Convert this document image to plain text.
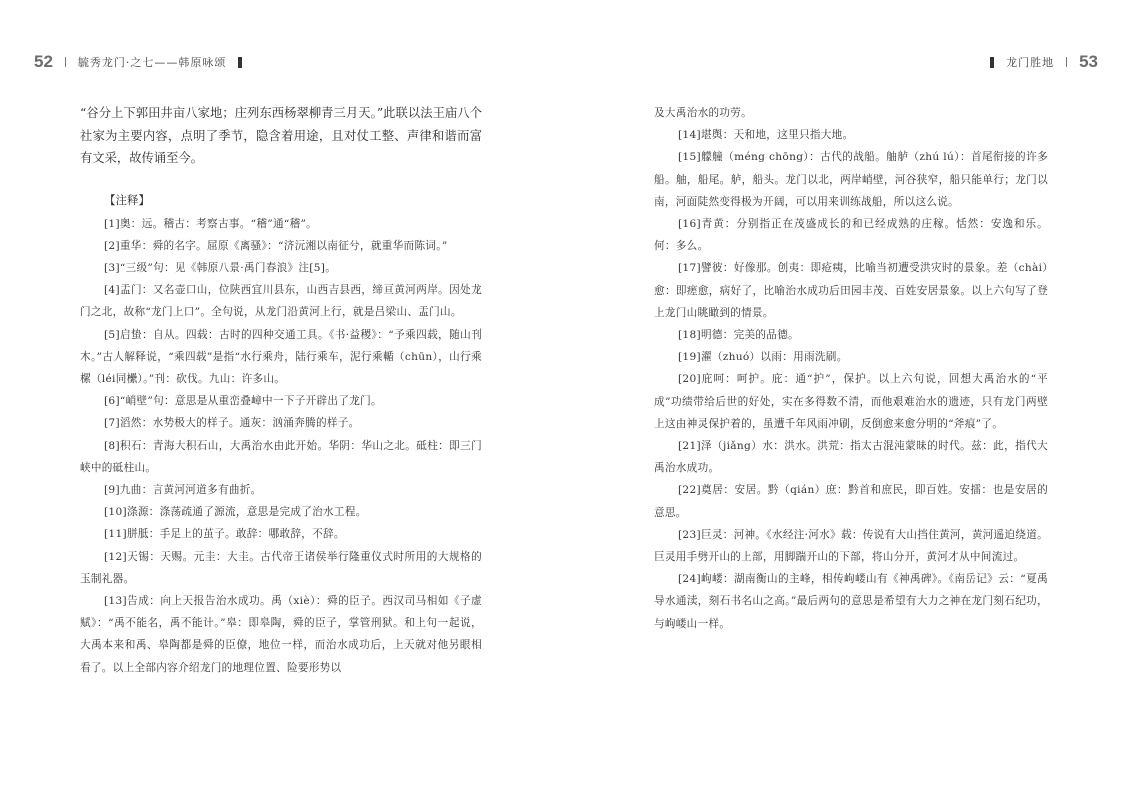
52 毓秀龙门·之七——韩原咏颂

“谷分上下郭田井亩八家地；庄列东西杨翠柳青三月天。”此联以法王庙八个社家为主要内容，点明了季节，隐含着用途，且对仗工整、声律和谐而富有文采，故传诵至今。

【注释】

[1]奥：远。稽古：考察古事。“稽”通“稽”。

[2]重华：舜的名字。屈原《离骚》：“济沅湘以南征兮，就重华而陈词。”

[3]“三级”句：见《韩原八景·禹门春浪》注[5]。

[4]盂门：又名壶口山，位陕西宜川县东，山西吉县西，缔亘黄河两岸。因处龙门之北，故称“龙门上口”。全句说，从龙门沿黄河上行，就是吕梁山、盂门山。

[5]启蛰：自从。四载：古时的四种交通工具。《书·益稷》：“予乘四载，随山刊木。”古人解释说，“乘四载”是指“水行乘舟，陆行乘车，泥行乘輴（chūn），山行乘樏（léi同欙）。”刊：砍伐。九山：许多山。

[6]“峭壁”句：意思是从重峦叠嶂中一下子开辟出了龙门。

[7]滔然：水势极大的样子。通灰：汹涌奔腾的样子。

[8]积石：青海大积石山，大禹治水由此开始。华阴：华山之北。砥柱：即三门峡中的砥柱山。

[9]九曲：言黄河河道多有曲折。

[10]涤源：涤荡疏通了源流，意思是完成了治水工程。

[11]胼胝：手足上的茧子。敢辞：哪敢辞，不辞。

[12]天锡：天赐。元圭：大圭。古代帝王诸侯举行隆重仪式时所用的大规格的玉制礼器。

[13]告成：向上天报告治水成功。禹（xiè）：舜的臣子。西汉司马相如《子虚赋》：“禹不能名，禹不能计。”皋：即皋陶，舜的臣子，掌管刑狱。和上句一起说，大禹本来和禹、皋陶都是舜的臣僚，地位一样，而治水成功后，上天就对他另眼相看了。以上全部内容介绍龙门的地理位置、险要形势以

龙门胜地 53

及大禹治水的功劳。

[14]堪舆：天和地，这里只指大地。

[15]艨艟（méng chōng）：古代的战船。舳舻（zhú lú）：首尾衔接的许多船。舳，船尾。舻，船头。龙门以北，两岸峭壁，河谷狭窄，船只能单行；龙门以南，河面陡然变得极为开阔，可以用来训练战船，所以这么说。

[16]青黄：分别指正在茂盛成长的和已经成熟的庄稼。恬然：安逸和乐。何：多么。

[17]譬彼：好像那。创夷：即疮痍，比喻当初遭受洪灾时的景象。差（chài）愈：即瘥愈，病好了，比喻治水成功后田园丰茂、百姓安居景象。以上六句写了登上龙门山眺瞰到的情景。

[18]明德：完美的品德。

[19]濯（zhuó）以雨：用雨洗刷。

[20]庇呵：呵护。庇：通“护”，保护。以上六句说，回想大禹治水的“平成”功绩带给后世的好处，实在多得数不清，而他艰难治水的遗迹，只有龙门两壁上这由神灵保护着的，虽遭千年风雨冲刷，反倒愈来愈分明的“斧痕”了。

[21]泽（jiǎng）水：洪水。洪荒：指太古混沌蒙昧的时代。兹：此，指代大禹治水成功。

[22]奠居：安居。黔（qián）庶：黔首和庶民，即百姓。安擂：也是安居的意思。

[23]巨灵：河神。《水经注·河水》载：传说有大山挡住黄河，黄河遥迫绕道。巨灵用手劈开山的上部，用脚踹开山的下部，将山分开，黄河才从中间流过。

[24]岣嵝：湖南衡山的主峰，相传岣嵝山有《神禹碑》。《南岳记》云：“夏禹导水通渎，刻石书名山之高。”最后两句的意思是希望有大力之神在龙门刻石纪功，与岣嵝山一样。
